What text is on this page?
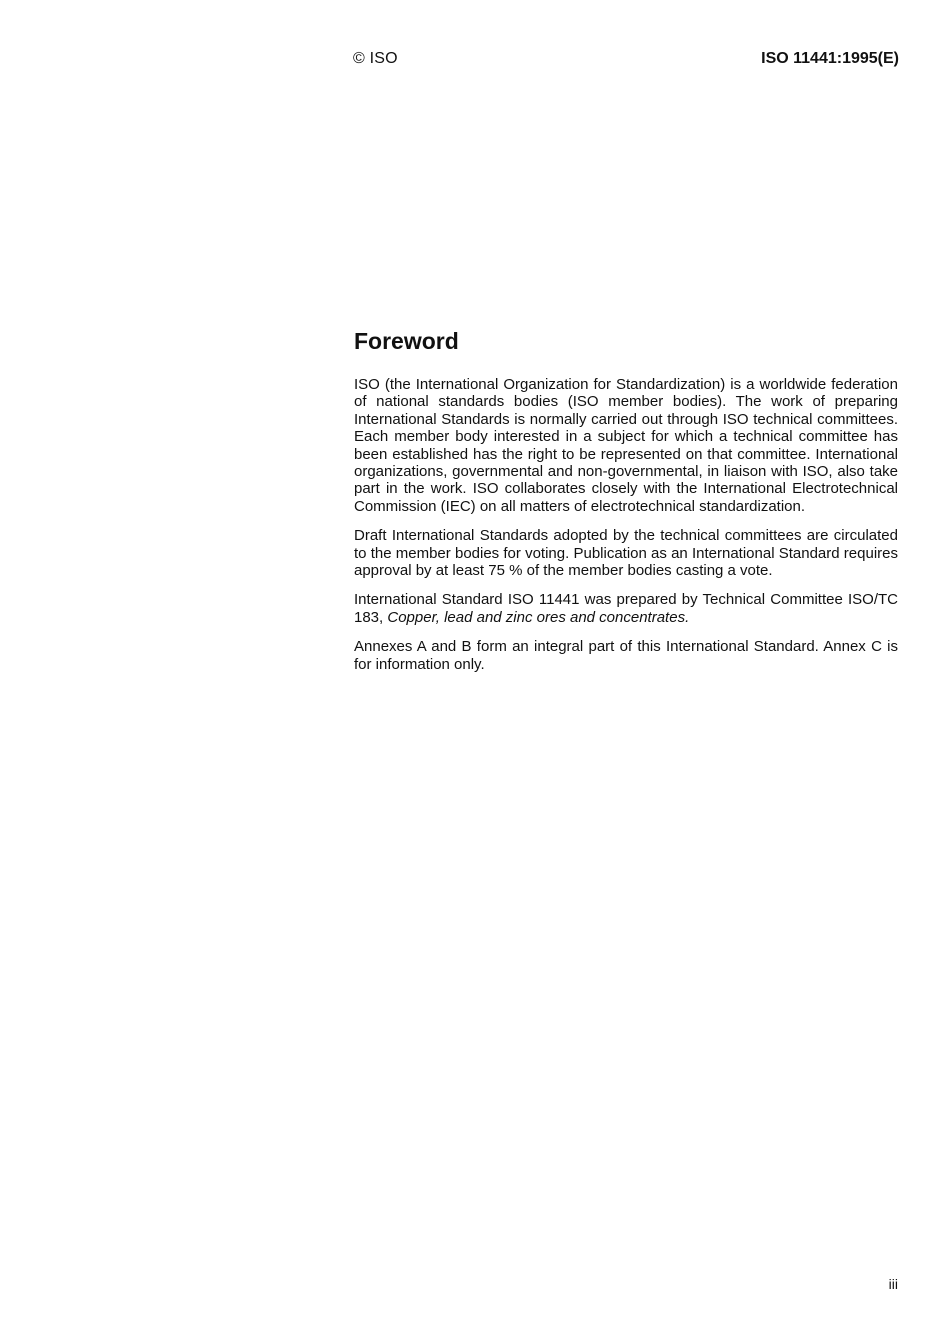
© ISO	ISO 11441:1995(E)
Foreword

ISO (the International Organization for Standardization) is a worldwide federation of national standards bodies (ISO member bodies). The work of preparing International Standards is normally carried out through ISO technical committees. Each member body interested in a subject for which a technical committee has been established has the right to be represented on that committee. International organizations, governmental and non-governmental, in liaison with ISO, also take part in the work. ISO collaborates closely with the International Electrotechnical Commission (IEC) on all matters of electrotechnical standardization.

Draft International Standards adopted by the technical committees are circulated to the member bodies for voting. Publication as an International Standard requires approval by at least 75 % of the member bodies casting a vote.

International Standard ISO 11441 was prepared by Technical Committee ISO/TC 183, Copper, lead and zinc ores and concentrates.

Annexes A and B form an integral part of this International Standard. Annex C is for information only.

iii
